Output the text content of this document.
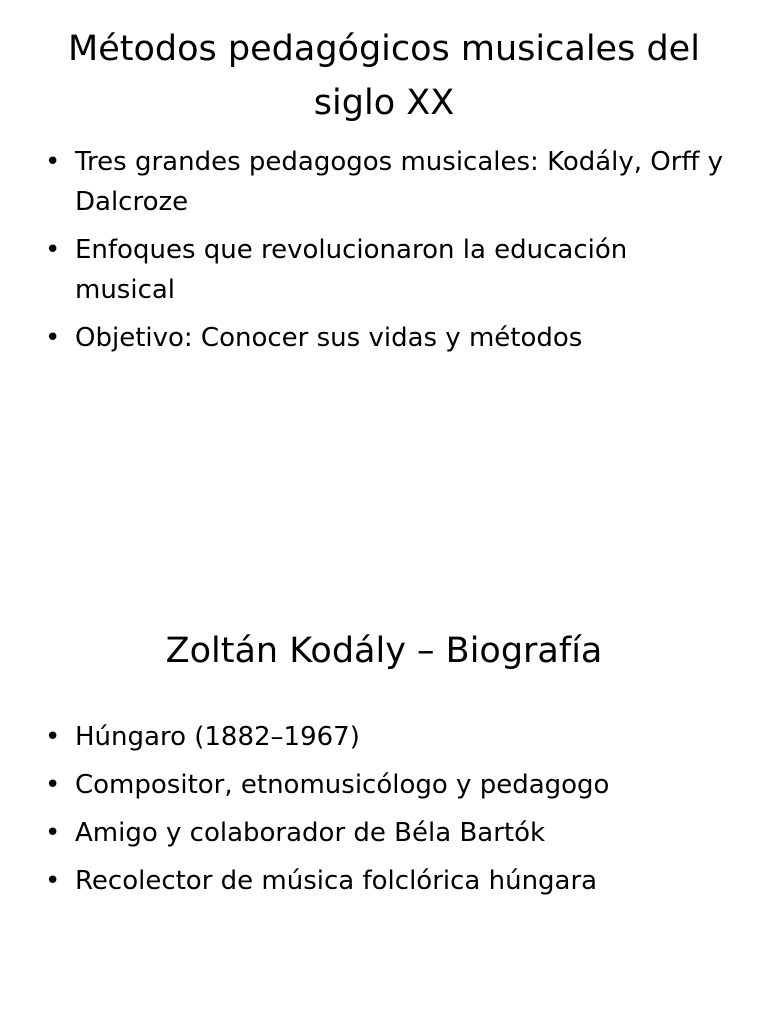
Métodos pedagógicos musicales del siglo XX
• Tres grandes pedagogos musicales: Kodály, Orff y Dalcroze
• Enfoques que revolucionaron la educación musical
• Objetivo: Conocer sus vidas y métodos
Zoltán Kodály – Biografía
• Húngaro (1882–1967)
• Compositor, etnomusicólogo y pedagogo
• Amigo y colaborador de Béla Bartók
• Recolector de música folclórica húngara
